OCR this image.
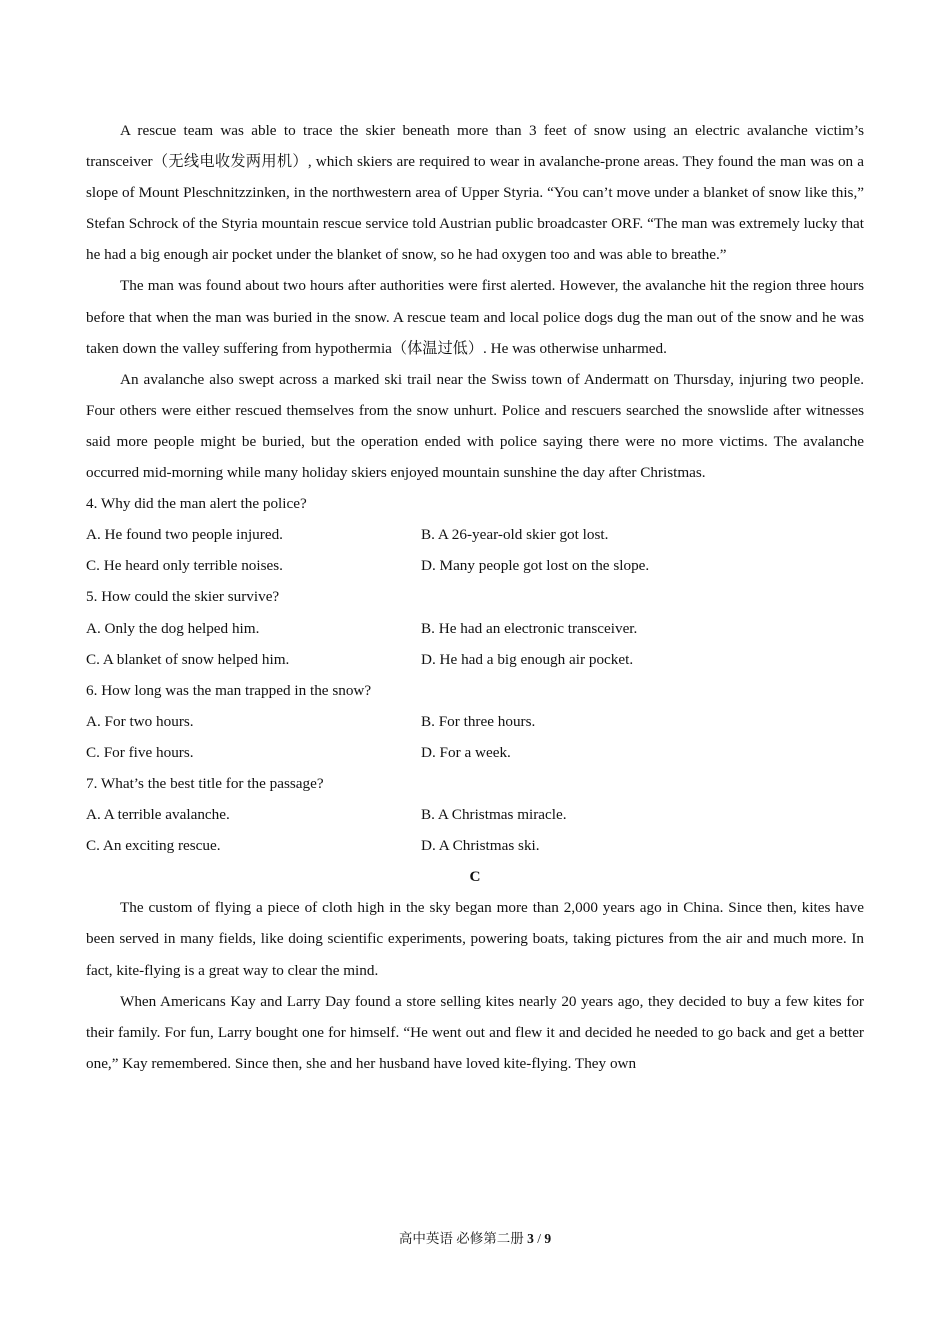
A rescue team was able to trace the skier beneath more than 3 feet of snow using an electric avalanche victim’s transceiver（无线电收发两用机）, which skiers are required to wear in avalanche-prone areas. They found the man was on a slope of Mount Pleschnitzzinken, in the northwestern area of Upper Styria. “You can’t move under a blanket of snow like this,” Stefan Schrock of the Styria mountain rescue service told Austrian public broadcaster ORF. “The man was extremely lucky that he had a big enough air pocket under the blanket of snow, so he had oxygen too and was able to breathe.”

The man was found about two hours after authorities were first alerted. However, the avalanche hit the region three hours before that when the man was buried in the snow. A rescue team and local police dogs dug the man out of the snow and he was taken down the valley suffering from hypothermia（体温过低）. He was otherwise unharmed.

An avalanche also swept across a marked ski trail near the Swiss town of Andermatt on Thursday, injuring two people. Four others were either rescued themselves from the snow unhurt. Police and rescuers searched the snowslide after witnesses said more people might be buried, but the operation ended with police saying there were no more victims. The avalanche occurred mid-morning while many holiday skiers enjoyed mountain sunshine the day after Christmas.

4. Why did the man alert the police?
A. He found two people injured.	B. A 26-year-old skier got lost.
C. He heard only terrible noises.	D. Many people got lost on the slope.
5. How could the skier survive?
A. Only the dog helped him.	B. He had an electronic transceiver.
C. A blanket of snow helped him.	D. He had a big enough air pocket.
6. How long was the man trapped in the snow?
A. For two hours.	B. For three hours.
C. For five hours.	D. For a week.
7. What’s the best title for the passage?
A. A terrible avalanche.	B. A Christmas miracle.
C. An exciting rescue.	D. A Christmas ski.
C

The custom of flying a piece of cloth high in the sky began more than 2,000 years ago in China. Since then, kites have been served in many fields, like doing scientific experiments, powering boats, taking pictures from the air and much more. In fact, kite-flying is a great way to clear the mind.

When Americans Kay and Larry Day found a store selling kites nearly 20 years ago, they decided to buy a few kites for their family. For fun, Larry bought one for himself. “He went out and flew it and decided he needed to go back and get a better one,” Kay remembered. Since then, she and her husband have loved kite-flying. They own

高中英语 必修第二册 3 / 9
